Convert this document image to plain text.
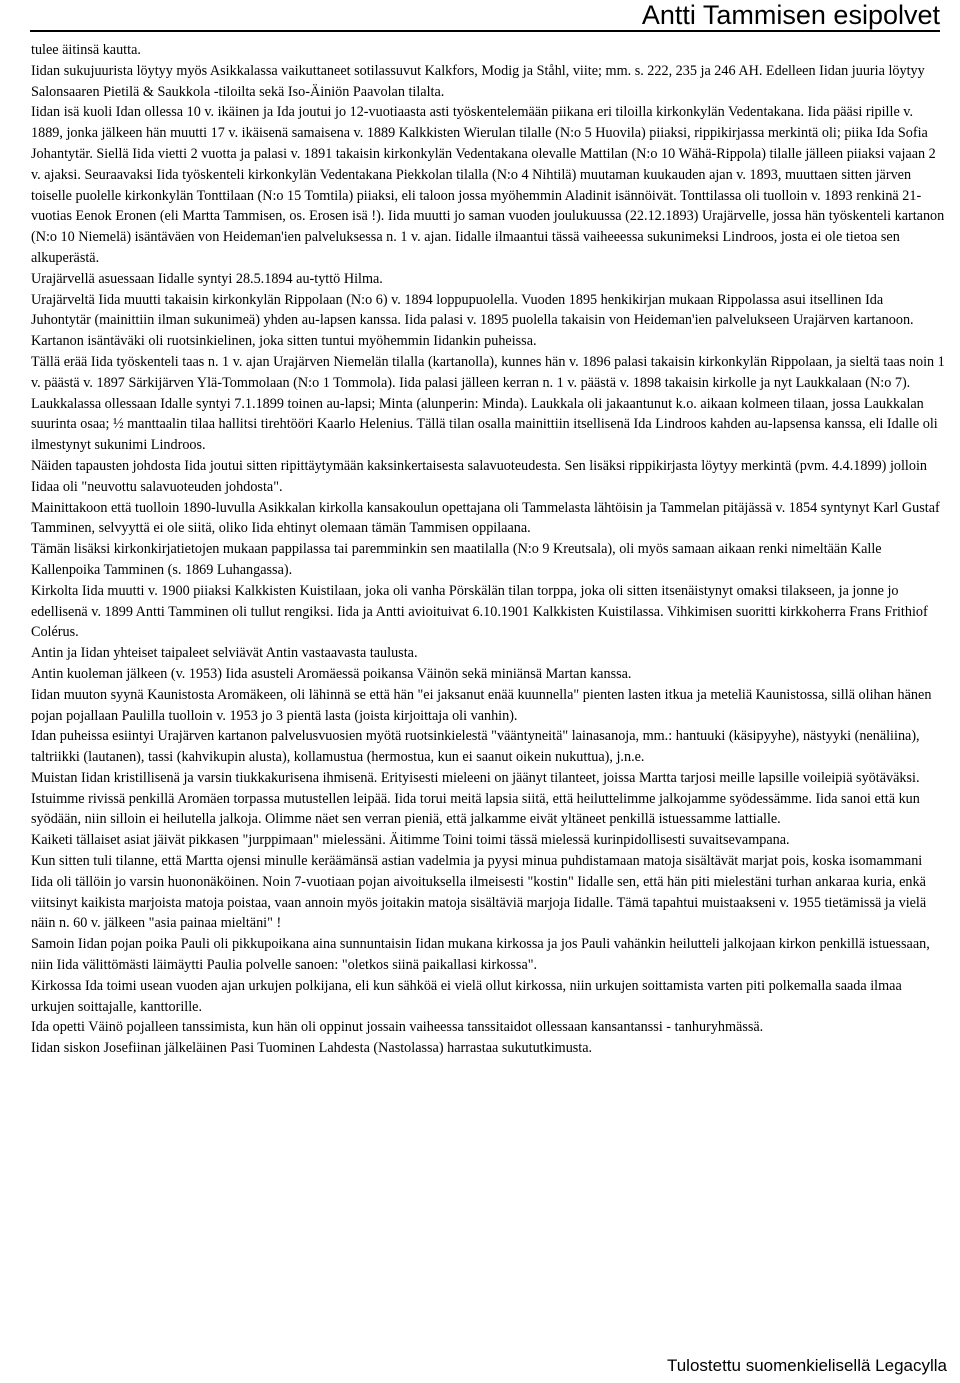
Antti Tammisen esipolvet

tulee äitinsä kautta.

Iidan sukujuurista löytyy myös Asikkalassa vaikuttaneet sotilassuvut Kalkfors, Modig ja Ståhl, viite; mm. s. 222, 235 ja 246 AH. Edelleen Iidan juuria löytyy Salonsaaren Pietilä & Saukkola -tiloilta sekä Iso-Äiniön Paavolan tilalta.

Iidan isä kuoli Idan ollessa 10 v. ikäinen ja Ida joutui jo 12-vuotiaasta asti työskentelemään piikana eri tiloilla kirkonkylän Vedentakana. Iida pääsi ripille v. 1889, jonka jälkeen hän muutti 17 v. ikäisenä samaisena v. 1889 Kalkkisten Wierulan tilalle (N:o 5 Huovila) piiaksi, rippikirjassa merkintä oli; piika Ida Sofia Johantytär. Siellä Iida vietti 2 vuotta ja palasi v. 1891 takaisin kirkonkylän Vedentakana olevalle Mattilan (N:o 10 Wähä-Rippola) tilalle jälleen piiaksi vajaan 2 v. ajaksi. Seuraavaksi Iida työskenteli kirkonkylän Vedentakana Piekkolan tilalla (N:o 4 Nihtilä) muutaman kuukauden ajan v. 1893, muuttaen sitten järven toiselle puolelle kirkonkylän Tonttilaan (N:o 15 Tomtila) piiaksi, eli taloon jossa myöhemmin Aladinit isännöivät. Tonttilassa oli tuolloin v. 1893 renkinä 21-vuotias Eenok Eronen (eli Martta Tammisen, os. Erosen isä !). Iida muutti jo saman vuoden joulukuussa (22.12.1893) Urajärvelle, jossa hän työskenteli kartanon (N:o 10 Niemelä) isäntäväen von Heideman'ien palveluksessa n. 1 v. ajan. Iidalle ilmaantui tässä vaiheeessa sukunimeksi Lindroos, josta ei ole tietoa sen alkuperästä.

Urajärvellä asuessaan Iidalle syntyi 28.5.1894 au-tyttö Hilma.

Urajärveltä Iida muutti takaisin kirkonkylän Rippolaan (N:o 6) v. 1894 loppupuolella. Vuoden 1895 henkikirjan mukaan Rippolassa asui itsellinen Ida Juhontytär (mainittiin ilman sukunimeä) yhden au-lapsen kanssa. Iida palasi v. 1895 puolella takaisin von Heideman'ien palvelukseen Urajärven kartanoon. Kartanon isäntäväki oli ruotsinkielinen, joka sitten tuntui myöhemmin Iidankin puheissa.

Tällä erää Iida työskenteli taas n. 1 v. ajan Urajärven Niemelän tilalla (kartanolla), kunnes hän v. 1896 palasi takaisin kirkonkylän Rippolaan, ja sieltä taas noin 1 v. päästä v. 1897 Särkijärven Ylä-Tommolaan (N:o 1 Tommola). Iida palasi jälleen kerran n. 1 v. päästä v. 1898 takaisin kirkolle ja nyt Laukkalaan (N:o 7). Laukkalassa ollessaan Idalle syntyi 7.1.1899 toinen au-lapsi; Minta (alunperin: Minda). Laukkala oli jakaantunut k.o. aikaan kolmeen tilaan, jossa Laukkalan suurinta osaa; ½ manttaalin tilaa hallitsi tirehtööri Kaarlo Helenius. Tällä tilan osalla mainittiin itsellisenä Ida Lindroos kahden au-lapsensa kanssa, eli Idalle oli ilmestynyt sukunimi Lindroos.

Näiden tapausten johdosta Iida joutui sitten ripittäytymään kaksinkertaisesta salavuoteudesta. Sen lisäksi rippikirjasta löytyy merkintä (pvm. 4.4.1899) jolloin Iidaa oli "neuvottu salavuoteuden johdosta".

Mainittakoon että tuolloin 1890-luvulla Asikkalan kirkolla kansakoulun opettajana oli Tammelasta lähtöisin ja Tammelan pitäjässä v. 1854 syntynyt Karl Gustaf Tamminen, selvyyttä ei ole siitä, oliko Iida ehtinyt olemaan tämän Tammisen oppilaana.

Tämän lisäksi kirkonkirjatietojen mukaan pappilassa tai paremminkin sen maatilalla (N:o 9 Kreutsala), oli myös samaan aikaan renki nimeltään Kalle Kallenpoika Tamminen (s. 1869 Luhangassa).

Kirkolta Iida muutti v. 1900 piiaksi Kalkkisten Kuistilaan, joka oli vanha Pörskälän tilan torppa, joka oli sitten itsenäistynyt omaksi tilakseen, ja jonne jo edellisenä v. 1899 Antti Tamminen oli tullut rengiksi. Iida ja Antti avioituivat 6.10.1901 Kalkkisten Kuistilassa. Vihkimisen suoritti kirkkoherra Frans Frithiof Colérus.

Antin ja Iidan yhteiset taipaleet selviävät Antin vastaavasta taulusta.

Antin kuoleman jälkeen (v. 1953) Iida asusteli Aromäessä poikansa Väinön sekä miniänsä Martan kanssa.

Iidan muuton syynä Kaunistosta Aromäkeen, oli lähinnä se että hän "ei jaksanut enää kuunnella" pienten lasten itkua ja meteliä Kaunistossa, sillä olihan hänen pojan pojallaan Paulilla tuolloin v. 1953 jo 3 pientä lasta (joista kirjoittaja oli vanhin).

Idan puheissa esiintyi Urajärven kartanon palvelusvuosien myötä ruotsinkielestä "vääntyneitä" lainasanoja, mm.: hantuuki (käsipyyhe), nästyyki (nenäliina), taltriikki (lautanen), tassi (kahvikupin alusta), kollamustua (hermostua, kun ei saanut oikein nukuttua), j.n.e.

Muistan Iidan kristillisenä ja varsin tiukkakurisena ihmisenä. Erityisesti mieleeni on jäänyt tilanteet, joissa Martta tarjosi meille lapsille voileipiä syötäväksi. Istuimme rivissä penkillä Aromäen torpassa mutustellen leipää. Iida torui meitä lapsia siitä, että heiluttelimme jalkojamme syödessämme. Iida sanoi että kun syödään, niin silloin ei heilutella jalkoja. Olimme näet sen verran pieniä, että jalkamme eivät yltäneet penkillä istuessamme lattialle.

Kaiketi tällaiset asiat jäivät pikkasen "jurppimaan" mielessäni. Äitimme Toini toimi tässä mielessä kurinpidollisesti suvaitsevampana.

Kun sitten tuli tilanne, että Martta ojensi minulle keräämänsä astian vadelmia ja pyysi minua puhdistamaan matoja sisältävät marjat pois, koska isomammani Iida oli tällöin jo varsin huononäköinen. Noin 7-vuotiaan pojan aivoituksella ilmeisesti "kostin" Iidalle sen, että hän piti mielestäni turhan ankaraa kuria, enkä viitsinyt kaikista marjoista matoja poistaa, vaan annoin myös joitakin matoja sisältäviä marjoja Iidalle. Tämä tapahtui muistaakseni v. 1955 tietämissä ja vielä näin n. 60 v. jälkeen "asia painaa mieltäni" !

Samoin Iidan pojan poika Pauli oli pikkupoikana aina sunnuntaisin Iidan mukana kirkossa ja jos Pauli vahänkin heilutteli jalkojaan kirkon penkillä istuessaan, niin Iida välittömästi läimäytti Paulia polvelle sanoen: "oletkos siinä paikallasi kirkossa".

Kirkossa Ida toimi usean vuoden ajan urkujen polkijana, eli kun sähköä ei vielä ollut kirkossa, niin urkujen soittamista varten piti polkemalla saada ilmaa urkujen soittajalle, kanttorille.

Ida opetti Väinö pojalleen tanssimista, kun hän oli oppinut jossain vaiheessa tanssitaidot ollessaan kansantanssi - tanhuryhmässä.

Iidan siskon Josefiinan jälkeläinen Pasi Tuominen Lahdesta (Nastolassa) harrastaa sukututkimusta.

Tulostettu suomenkielisellä Legacylla
